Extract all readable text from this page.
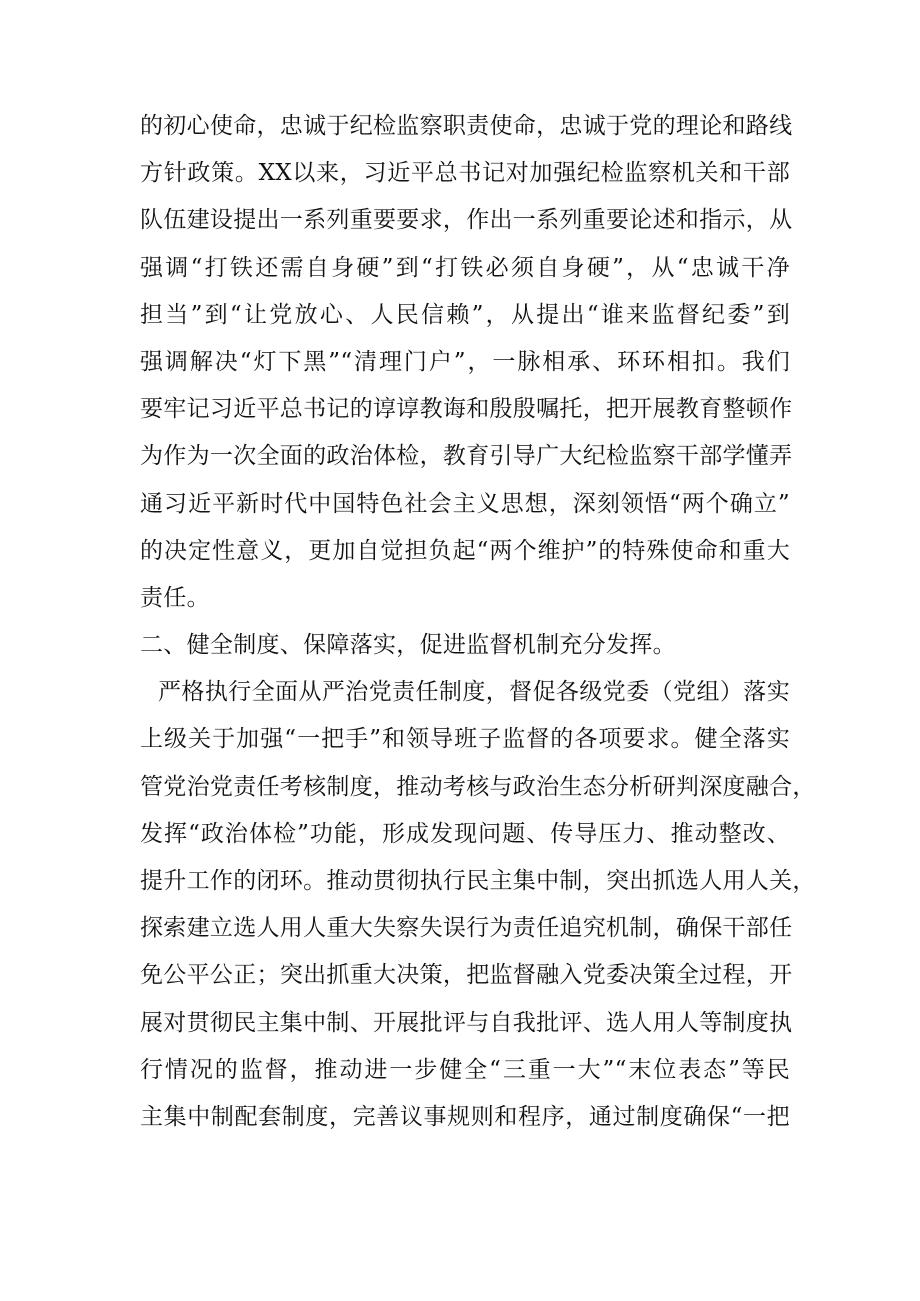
的初心使命，忠诚于纪检监察职责使命，忠诚于党的理论和路线
方针政策。XX以来，习近平总书记对加强纪检监察机关和干部
队伍建设提出一系列重要要求，作出一系列重要论述和指示，从
强调“打铁还需自身硬”到“打铁必须自身硬”，从“忠诚干净
担当”到“让党放心、人民信赖”，从提出“谁来监督纪委”到
强调解决“灯下黑”“清理门户”，一脉相承、环环相扣。我们
要牢记习近平总书记的谆谆教诲和殷殷嘱托，把开展教育整顿作
为作为一次全面的政治体检，教育引导广大纪检监察干部学懂弄
通习近平新时代中国特色社会主义思想，深刻领悟“两个确立”
的决定性意义，更加自觉担负起“两个维护”的特殊使命和重大
责任。
二、健全制度、保障落实，促进监督机制充分发挥。
严格执行全面从严治党责任制度，督促各级党委（党组）落实
上级关于加强“一把手”和领导班子监督的各项要求。健全落实
管党治党责任考核制度，推动考核与政治生态分析研判深度融合，
发挥“政治体检”功能，形成发现问题、传导压力、推动整改、
提升工作的闭环。推动贯彻执行民主集中制，突出抓选人用人关，
探索建立选人用人重大失察失误行为责任追究机制，确保干部任
免公平公正；突出抓重大决策，把监督融入党委决策全过程，开
展对贯彻民主集中制、开展批评与自我批评、选人用人等制度执
行情况的监督，推动进一步健全“三重一大”“末位表态”等民
主集中制配套制度，完善议事规则和程序，通过制度确保“一把
